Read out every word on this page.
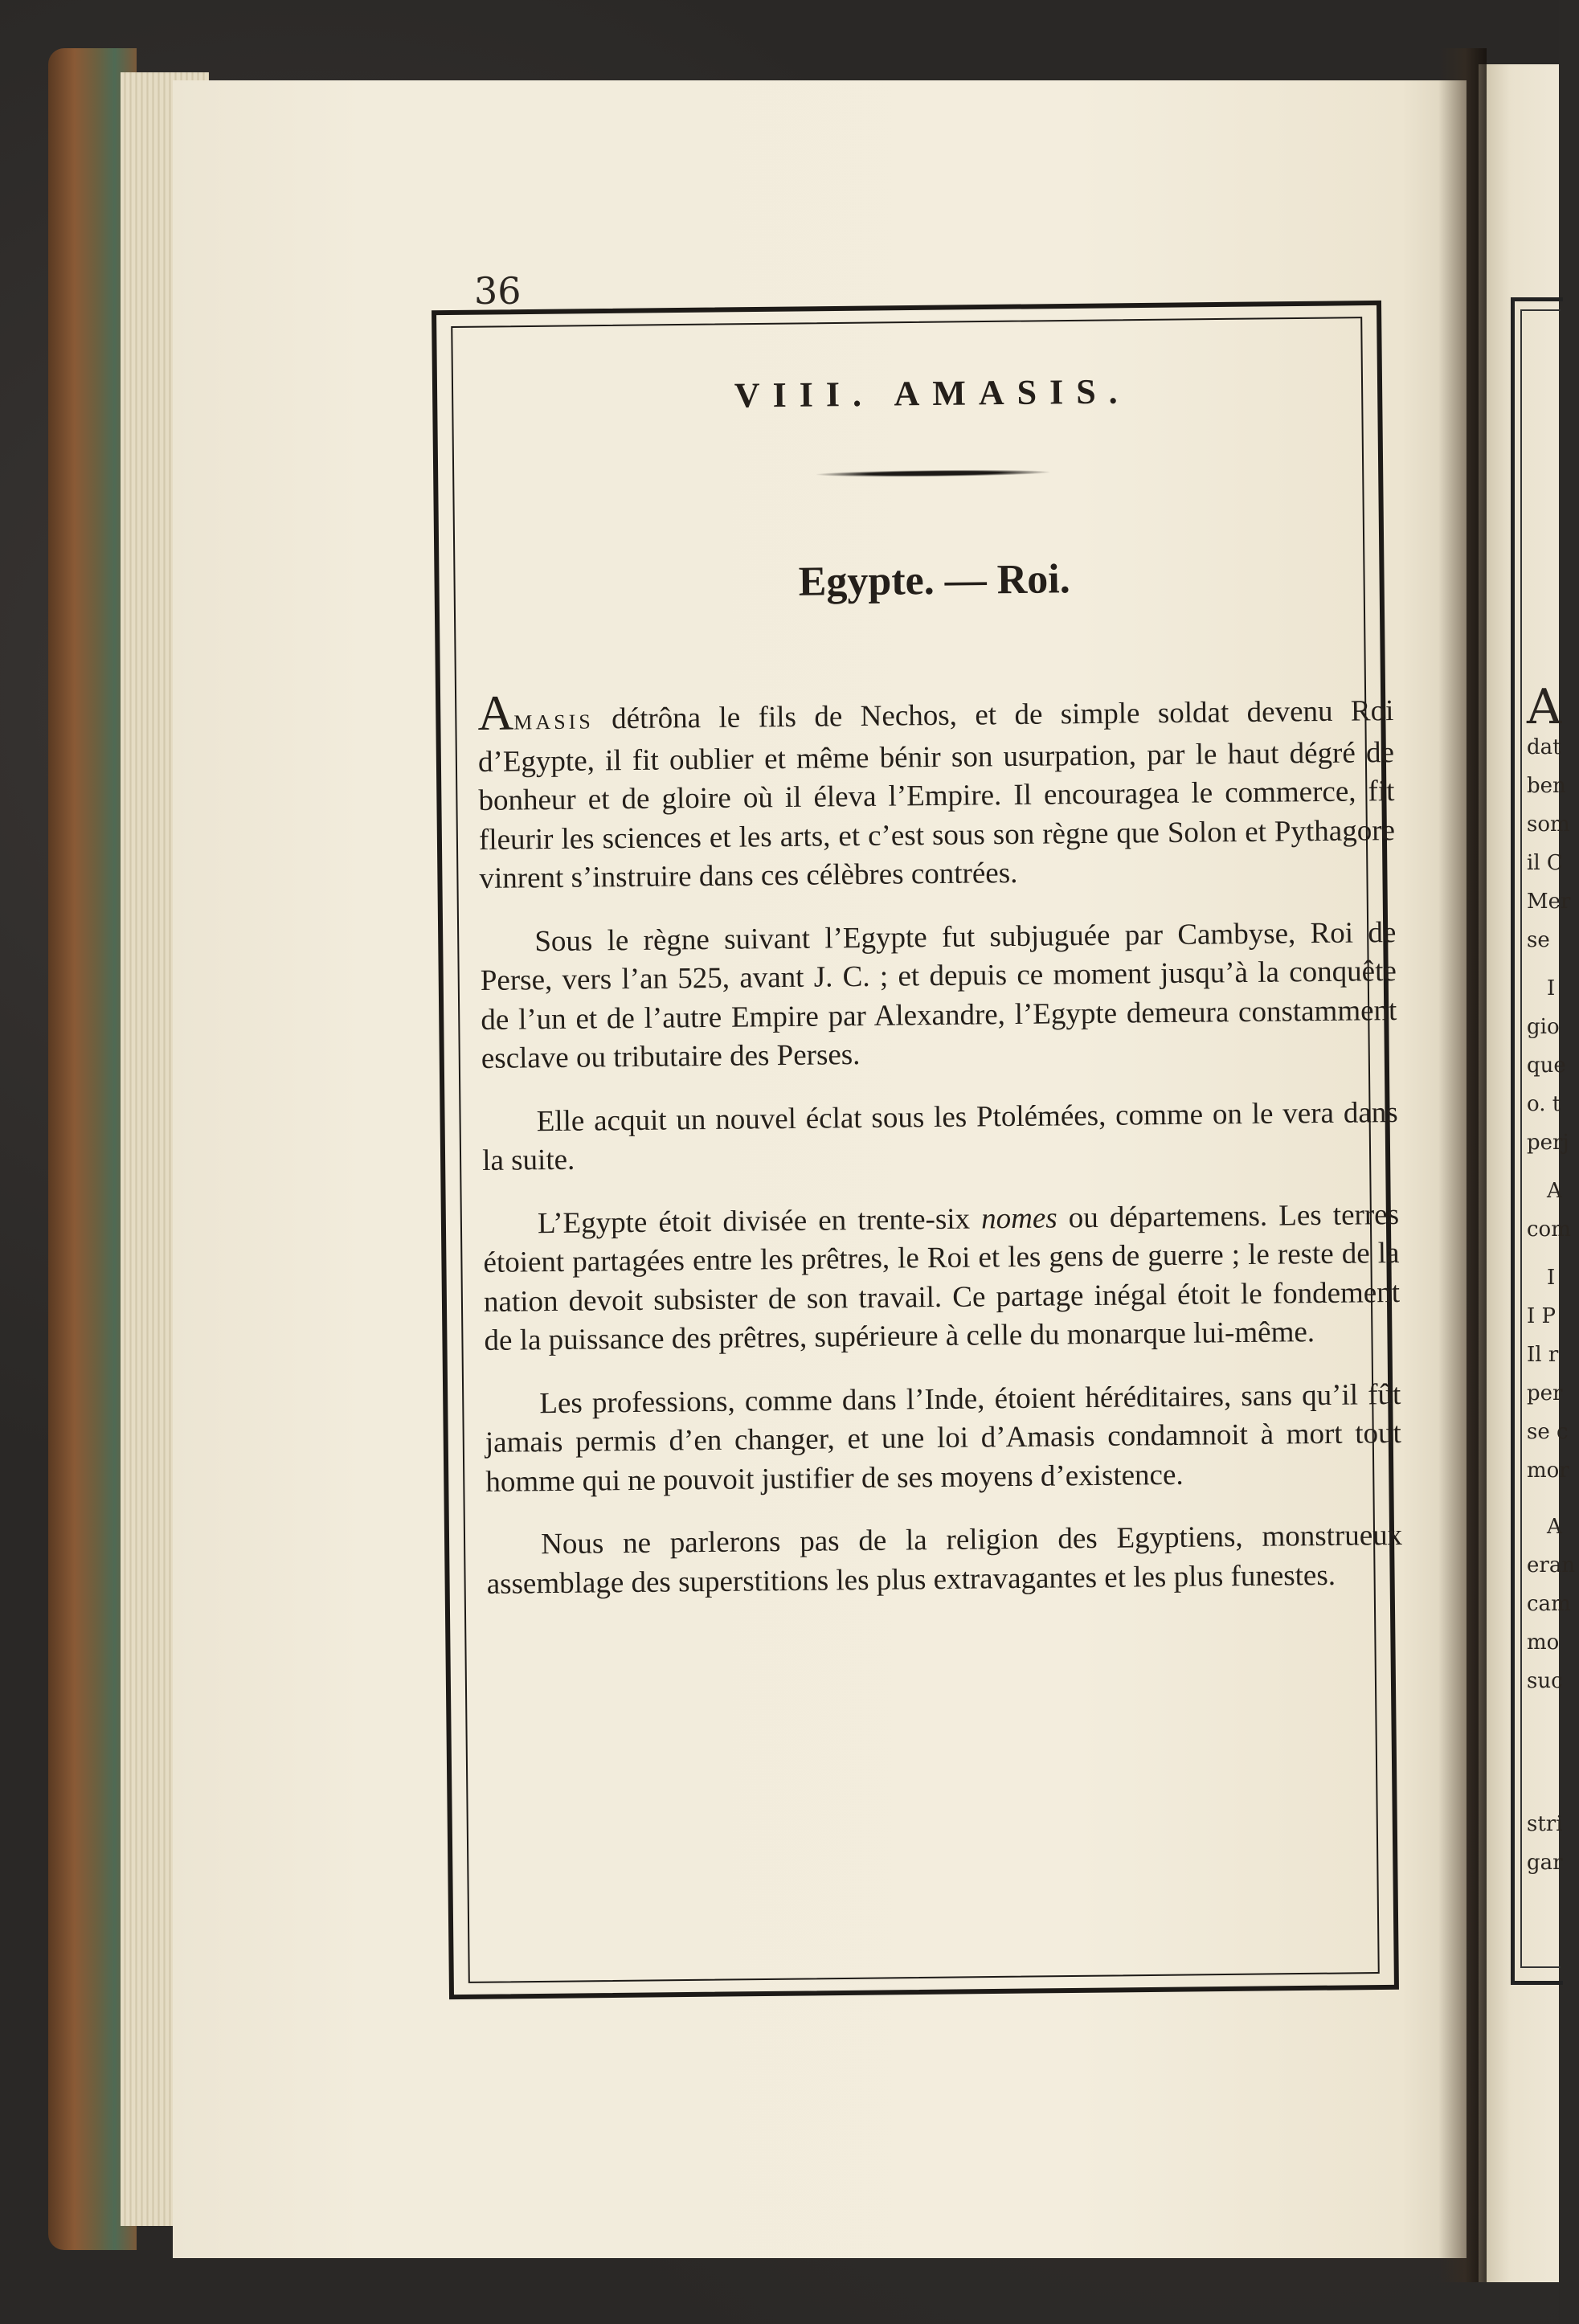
A
dat
ben
som
il C
Mer
se
I
gio
que
o. t
perj
A
com
I
I P
Il r
per
se c
mor
A
eran
cam
mo
suc
stri
gar
36
VIII. AMASIS.
Egypte. — Roi.

AMASIS détrôna le fils de Nechos, et de simple soldat devenu Roi d’Egypte, il fit oublier et même bénir son usurpation, par le haut dégré de bonheur et de gloire où il éleva l’Empire. Il encouragea le commerce, fit fleurir les sciences et les arts, et c’est sous son règne que Solon et Pythagore vinrent s’instruire dans ces célèbres contrées.

Sous le règne suivant l’Egypte fut subjuguée par Cambyse, Roi de Perse, vers l’an 525, avant J. C. ; et depuis ce moment jusqu’à la conquête de l’un et de l’autre Empire par Alexandre, l’Egypte demeura constamment esclave ou tributaire des Perses.

Elle acquit un nouvel éclat sous les Ptolémées, comme on le vera dans la suite.

L’Egypte étoit divisée en trente-six nomes ou départemens. Les terres étoient partagées entre les prêtres, le Roi et les gens de guerre ; le reste de la nation devoit subsister de son travail. Ce partage inégal étoit le fondement de la puissance des prêtres, supérieure à celle du monarque lui-même.

Les professions, comme dans l’Inde, étoient héréditaires, sans qu’il fût jamais permis d’en changer, et une loi d’Amasis condamnoit à mort tout homme qui ne pouvoit justifier de ses moyens d’existence.

Nous ne parlerons pas de la religion des Egyptiens, monstrueux assemblage des superstitions les plus extravagantes et les plus funestes.
